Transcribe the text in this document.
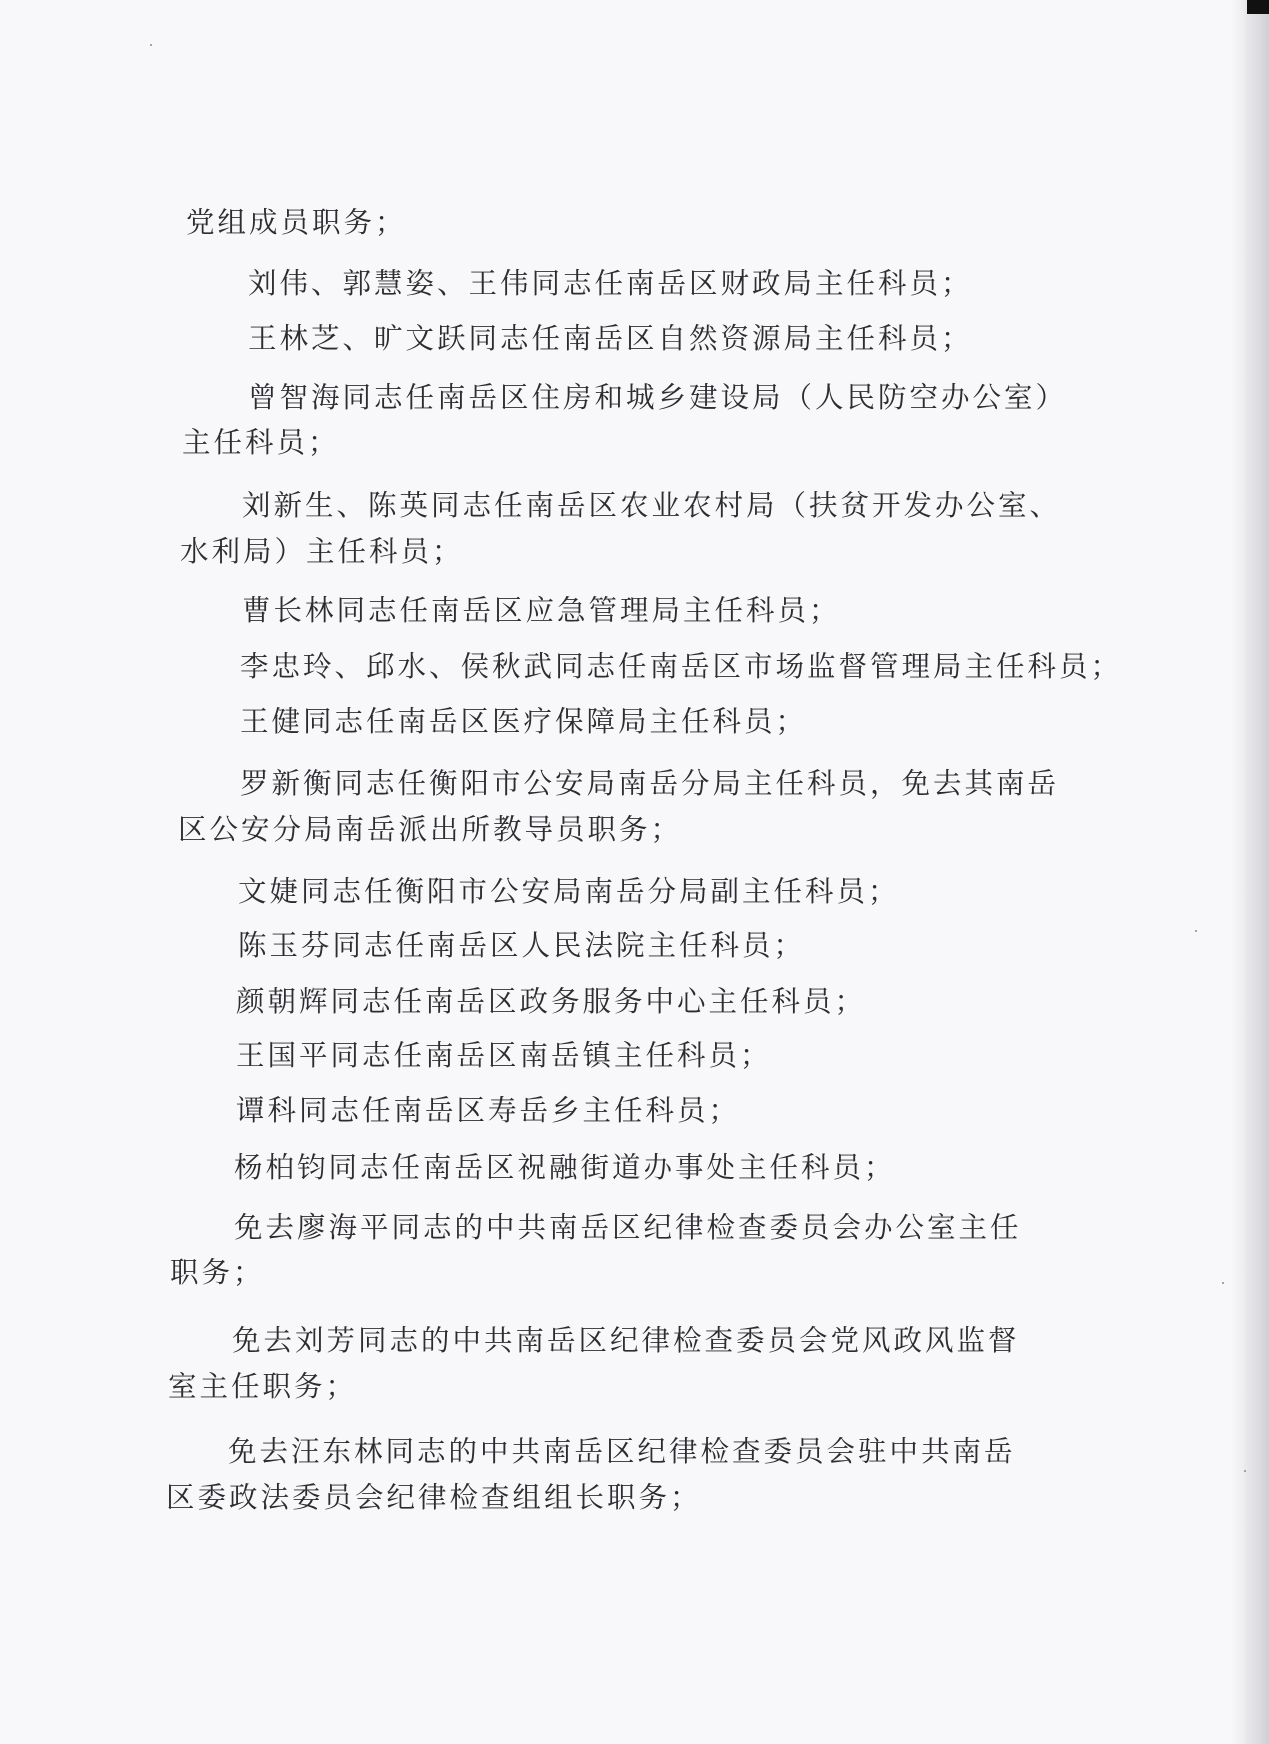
党组成员职务；
刘伟、郭慧姿、王伟同志任南岳区财政局主任科员；
王林芝、旷文跃同志任南岳区自然资源局主任科员；
曾智海同志任南岳区住房和城乡建设局（人民防空办公室）
主任科员；
刘新生、陈英同志任南岳区农业农村局（扶贫开发办公室、
水利局）主任科员；
曹长林同志任南岳区应急管理局主任科员；
李忠玲、邱水、侯秋武同志任南岳区市场监督管理局主任科员；
王健同志任南岳区医疗保障局主任科员；
罗新衡同志任衡阳市公安局南岳分局主任科员，免去其南岳
区公安分局南岳派出所教导员职务；
文婕同志任衡阳市公安局南岳分局副主任科员；
陈玉芬同志任南岳区人民法院主任科员；
颜朝辉同志任南岳区政务服务中心主任科员；
王国平同志任南岳区南岳镇主任科员；
谭科同志任南岳区寿岳乡主任科员；
杨柏钧同志任南岳区祝融街道办事处主任科员；
免去廖海平同志的中共南岳区纪律检查委员会办公室主任
职务；
免去刘芳同志的中共南岳区纪律检查委员会党风政风监督
室主任职务；
免去汪东林同志的中共南岳区纪律检查委员会驻中共南岳
区委政法委员会纪律检查组组长职务；
